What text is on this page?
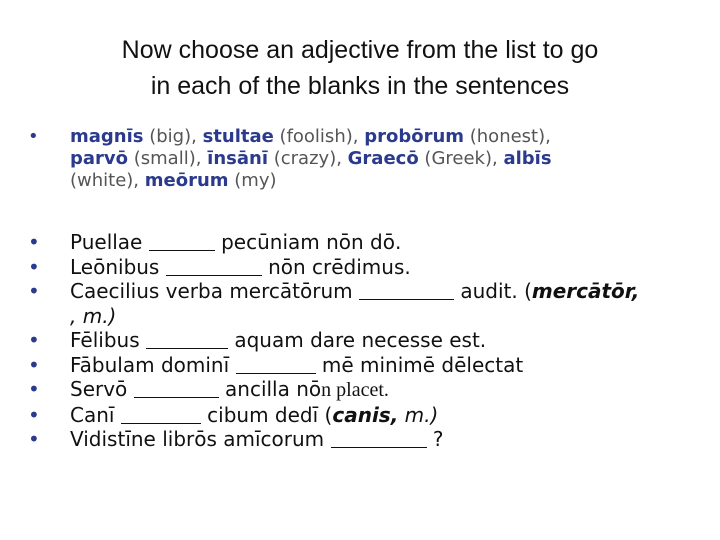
Now choose an adjective from the list to go
in each of the blanks in the sentences
• magnīs (big), stultae (foolish), probōrum (honest),
parvō (small), īnsānī (crazy), Graecō (Greek), albīs
(white), meōrum (my)
• Puellae	pecūniam nōn dō.
• Leōnibus	nōn crēdimus.
• Caecilius verba mercātōrum	audit. (mercātōr,
, m.)
• Fēlibus	aquam dare necesse est.
• Fābulam dominī	mē minimē dēlectat
• Servō	ancilla nōn placet.
• Canī	cibum dedī (canis, m.)
• Vidistīne librōs amīcorum	?
